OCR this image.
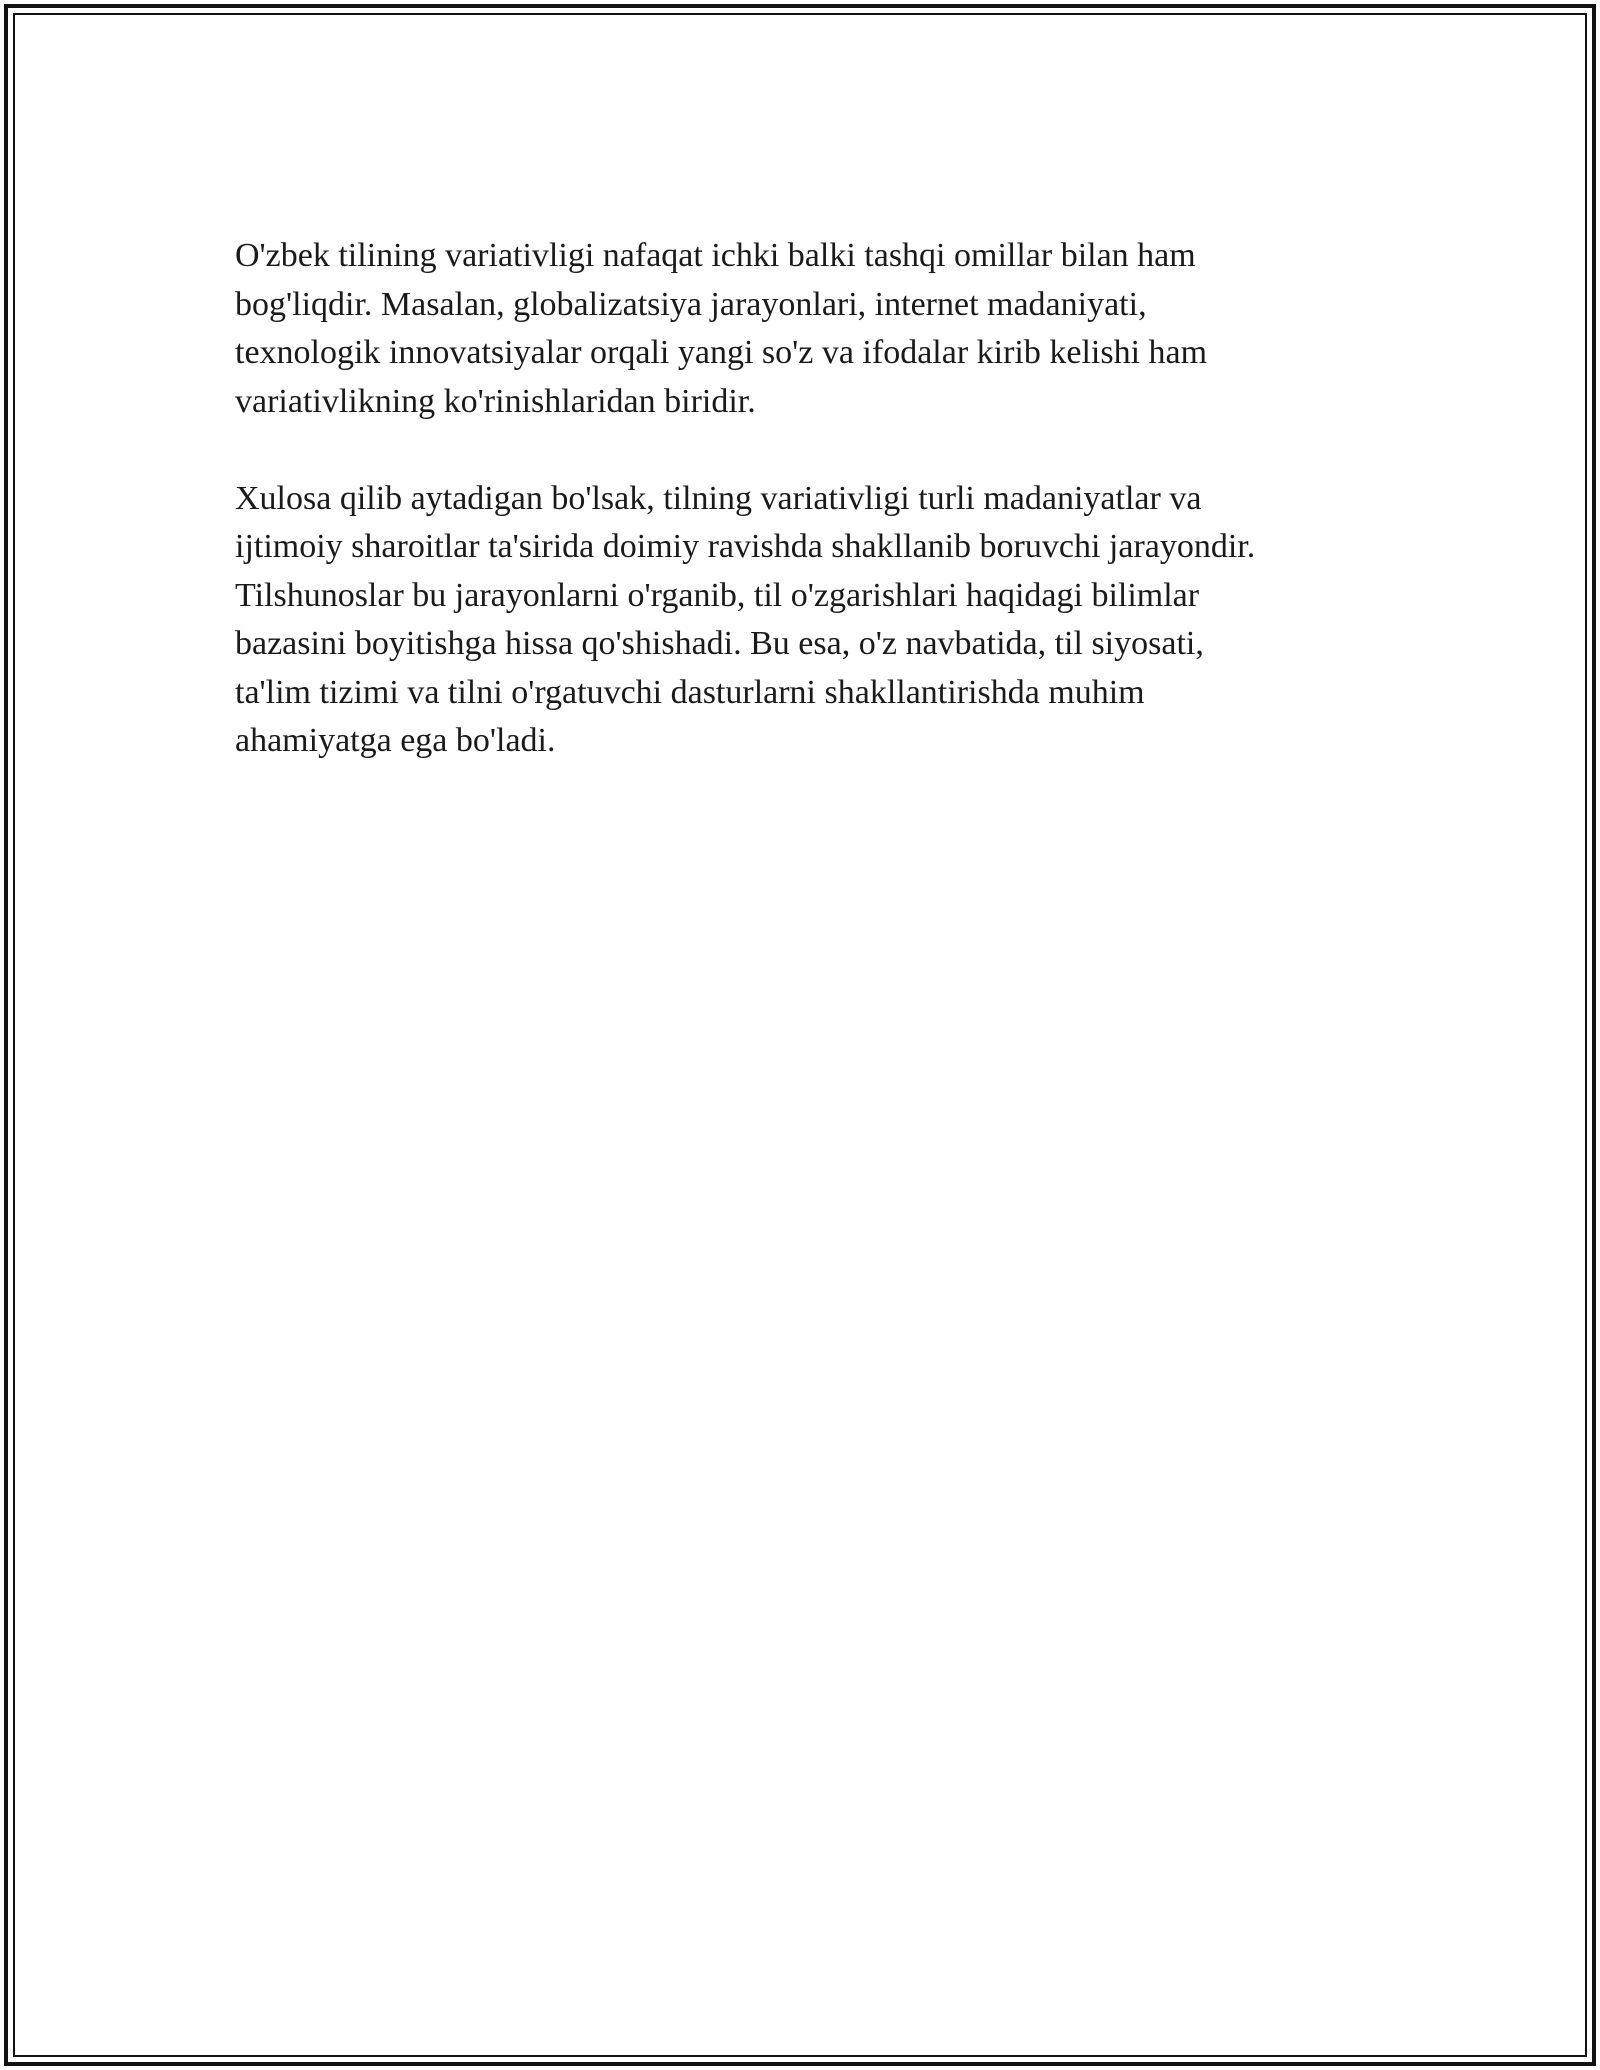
O'zbek tilining variativligi nafaqat ichki balki tashqi omillar bilan ham
bog'liqdir. Masalan, globalizatsiya jarayonlari, internet madaniyati,
texnologik innovatsiyalar orqali yangi so'z va ifodalar kirib kelishi ham
variativlikning ko'rinishlaridan biridir.

Xulosa qilib aytadigan bo'lsak, tilning variativligi turli madaniyatlar va
ijtimoiy sharoitlar ta'sirida doimiy ravishda shakllanib boruvchi jarayondir.
Tilshunoslar bu jarayonlarni o'rganib, til o'zgarishlari haqidagi bilimlar
bazasini boyitishga hissa qo'shishadi. Bu esa, o'z navbatida, til siyosati,
ta'lim tizimi va tilni o'rgatuvchi dasturlarni shakllantirishda muhim
ahamiyatga ega bo'ladi.
